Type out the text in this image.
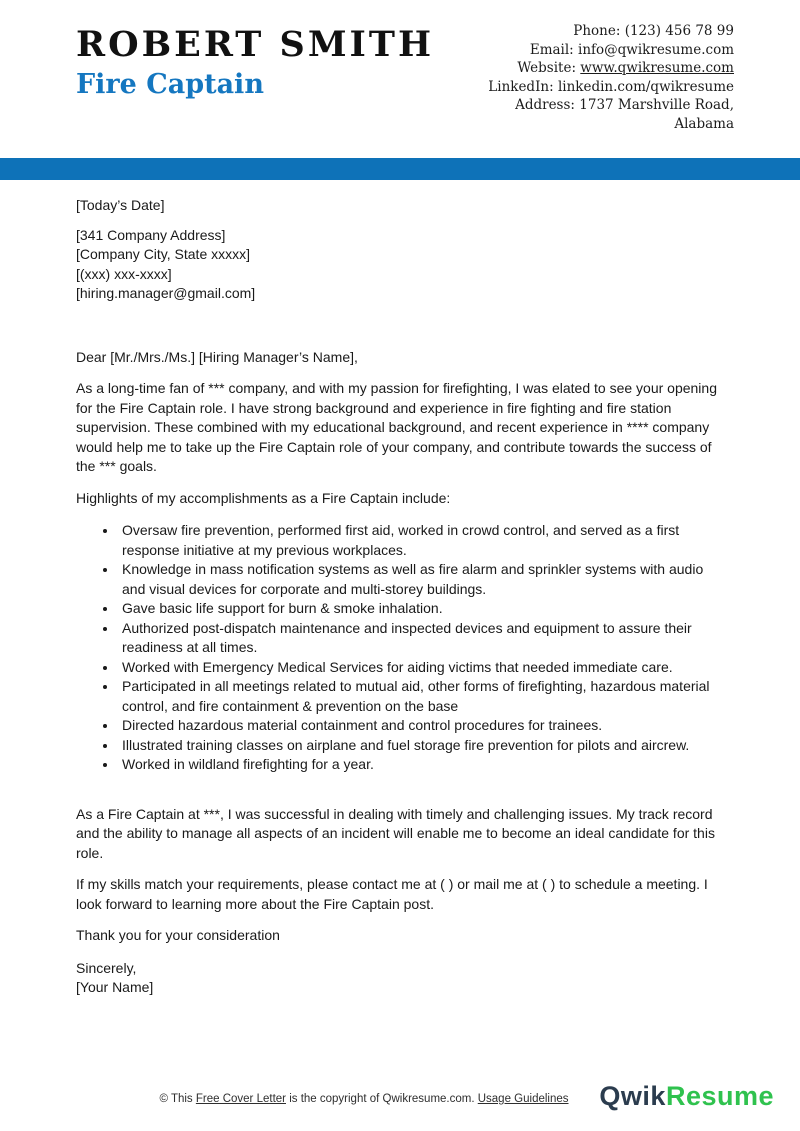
ROBERT SMITH
Fire Captain
Phone: (123) 456 78 99
Email: info@qwikresume.com
Website: www.qwikresume.com
LinkedIn: linkedin.com/qwikresume
Address: 1737 Marshville Road,
Alabama
[Today’s Date]
[341 Company Address]
[Company City, State xxxxx]
[(xxx) xxx-xxxx]
[hiring.manager@gmail.com]
Dear [Mr./Mrs./Ms.] [Hiring Manager’s Name],
As a long-time fan of *** company, and with my passion for firefighting, I was elated to see your opening for the Fire Captain role. I have strong background and experience in fire fighting and fire station supervision. These combined with my educational background, and recent experience in **** company would help me to take up the Fire Captain role of your company, and contribute towards the success of the *** goals.
Highlights of my accomplishments as a Fire Captain include:
• Oversaw fire prevention, performed first aid, worked in crowd control, and served as a first response initiative at my previous workplaces.
• Knowledge in mass notification systems as well as fire alarm and sprinkler systems with audio and visual devices for corporate and multi-storey buildings.
• Gave basic life support for burn & smoke inhalation.
• Authorized post-dispatch maintenance and inspected devices and equipment to assure their readiness at all times.
• Worked with Emergency Medical Services for aiding victims that needed immediate care.
• Participated in all meetings related to mutual aid, other forms of firefighting, hazardous material control, and fire containment & prevention on the base
• Directed hazardous material containment and control procedures for trainees.
• Illustrated training classes on airplane and fuel storage fire prevention for pilots and aircrew.
• Worked in wildland firefighting for a year.
As a Fire Captain at ***, I was successful in dealing with timely and challenging issues. My track record and the ability to manage all aspects of an incident will enable me to become an ideal candidate for this role.
If my skills match your requirements, please contact me at ( ) or mail me at ( ) to schedule a meeting. I look forward to learning more about the Fire Captain post.
Thank you for your consideration
Sincerely,
[Your Name]
© This Free Cover Letter is the copyright of Qwikresume.com. Usage Guidelines QwikResume
